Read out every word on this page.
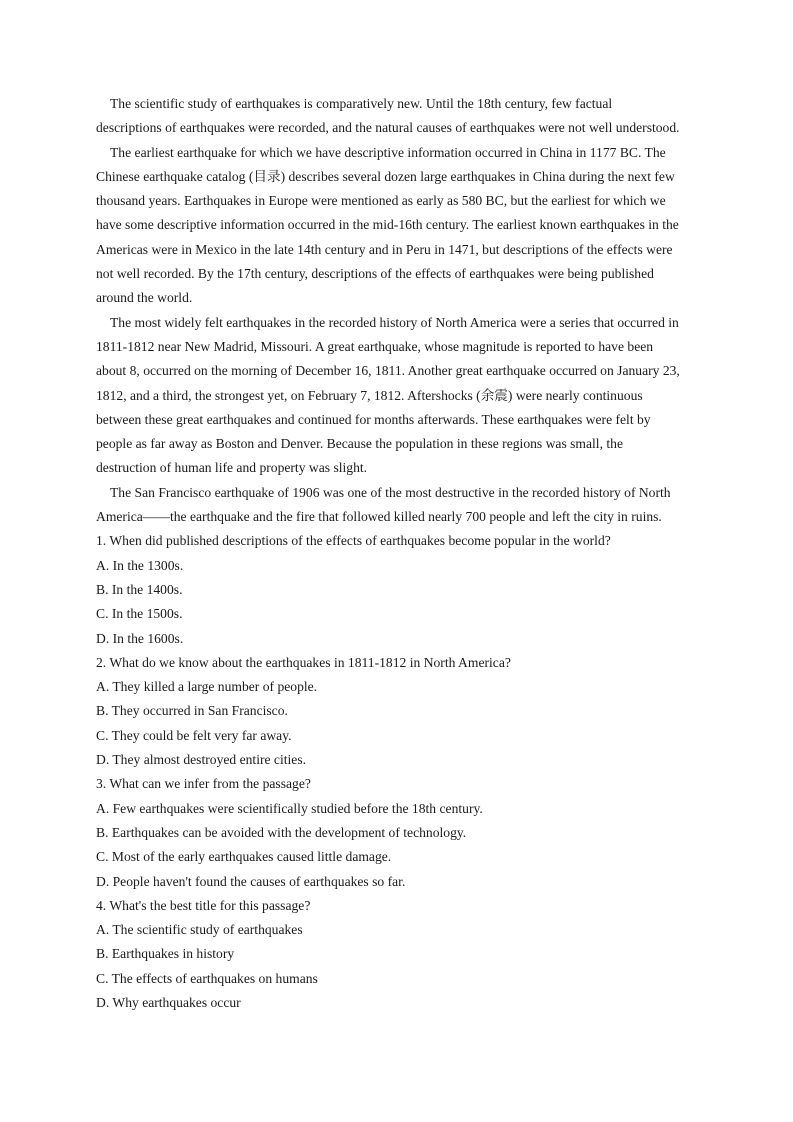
The scientific study of earthquakes is comparatively new. Until the 18th century, few factual
descriptions of earthquakes were recorded, and the natural causes of earthquakes were not well understood.
The earliest earthquake for which we have descriptive information occurred in China in 1177 BC. The
Chinese earthquake catalog (目录) describes several dozen large earthquakes in China during the next few
thousand years. Earthquakes in Europe were mentioned as early as 580 BC, but the earliest for which we
have some descriptive information occurred in the mid-16th century. The earliest known earthquakes in the
Americas were in Mexico in the late 14th century and in Peru in 1471, but descriptions of the effects were
not well recorded. By the 17th century, descriptions of the effects of earthquakes were being published
around the world.
The most widely felt earthquakes in the recorded history of North America were a series that occurred in
1811-1812 near New Madrid, Missouri. A great earthquake, whose magnitude is reported to have been
about 8, occurred on the morning of December 16, 1811. Another great earthquake occurred on January 23,
1812, and a third, the strongest yet, on February 7, 1812. Aftershocks (余震) were nearly continuous
between these great earthquakes and continued for months afterwards. These earthquakes were felt by
people as far away as Boston and Denver. Because the population in these regions was small, the
destruction of human life and property was slight.
The San Francisco earthquake of 1906 was one of the most destructive in the recorded history of North
America——the earthquake and the fire that followed killed nearly 700 people and left the city in ruins.
1. When did published descriptions of the effects of earthquakes become popular in the world?
A. In the 1300s.
B. In the 1400s.
C. In the 1500s.
D. In the 1600s.
2. What do we know about the earthquakes in 1811-1812 in North America?
A. They killed a large number of people.
B. They occurred in San Francisco.
C. They could be felt very far away.
D. They almost destroyed entire cities.
3. What can we infer from the passage?
A. Few earthquakes were scientifically studied before the 18th century.
B. Earthquakes can be avoided with the development of technology.
C. Most of the early earthquakes caused little damage.
D. People haven't found the causes of earthquakes so far.
4. What's the best title for this passage?
A. The scientific study of earthquakes
B. Earthquakes in history
C. The effects of earthquakes on humans
D. Why earthquakes occur
